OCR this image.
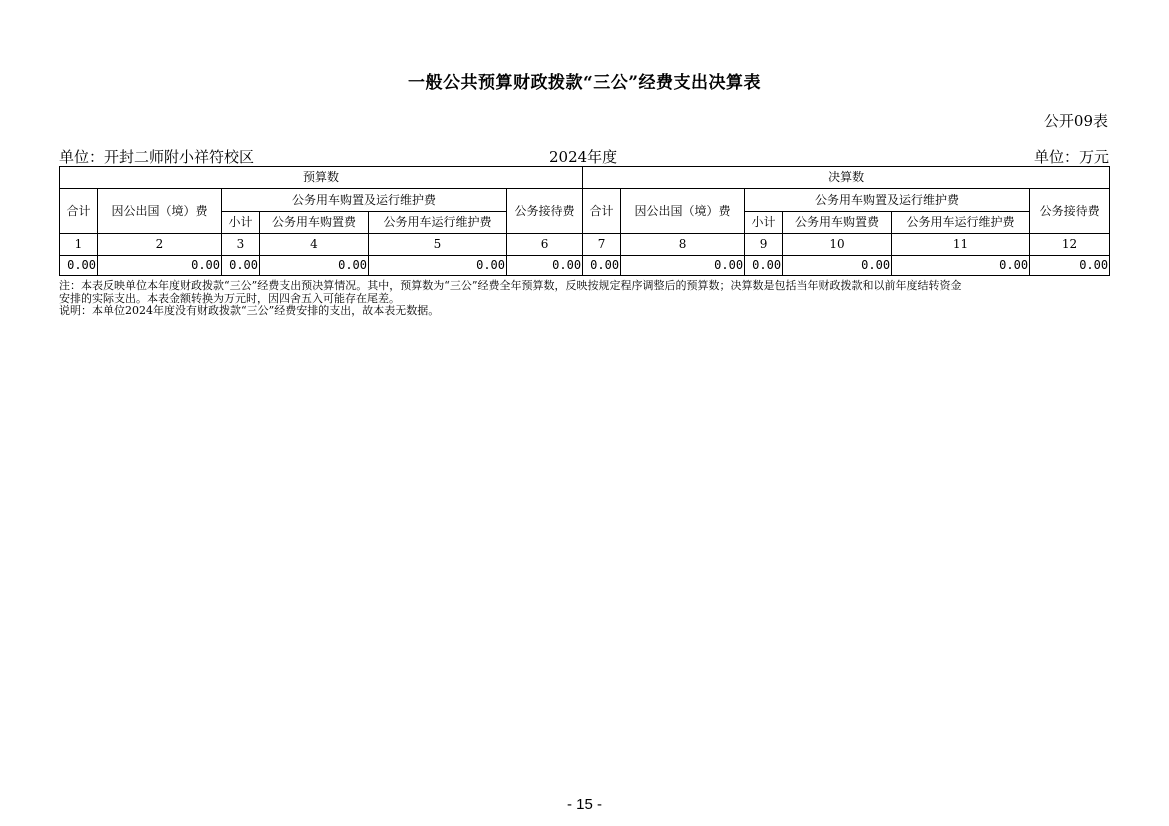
一般公共预算财政拨款“三公”经费支出决算表
公开09表
单位：开封二师附小祥符校区	2024年度	单位：万元
预算数						决算数					
合计	因公出国（境）费	公务用车购置及运行维护费			公务接待费	合计	因公出国（境）费	公务用车购置及运行维护费			公务接待费
		小计	公务用车购置费	公务用车运行维护费				小计	公务用车购置费	公务用车运行维护费	
1	2	3	4	5	6	7	8	9	10	11	12
0.00	0.00	0.00	0.00	0.00	0.00	0.00	0.00	0.00	0.00	0.00	0.00
注：本表反映单位本年度财政拨款“三公”经费支出预决算情况。其中，预算数为“三公”经费全年预算数，反映按规定程序调整后的预算数；决算数是包括当年财政拨款和以前年度结转资金
安排的实际支出。本表金额转换为万元时，因四舍五入可能存在尾差。
说明：本单位2024年度没有财政拨款“三公”经费安排的支出，故本表无数据。
- 15 -
